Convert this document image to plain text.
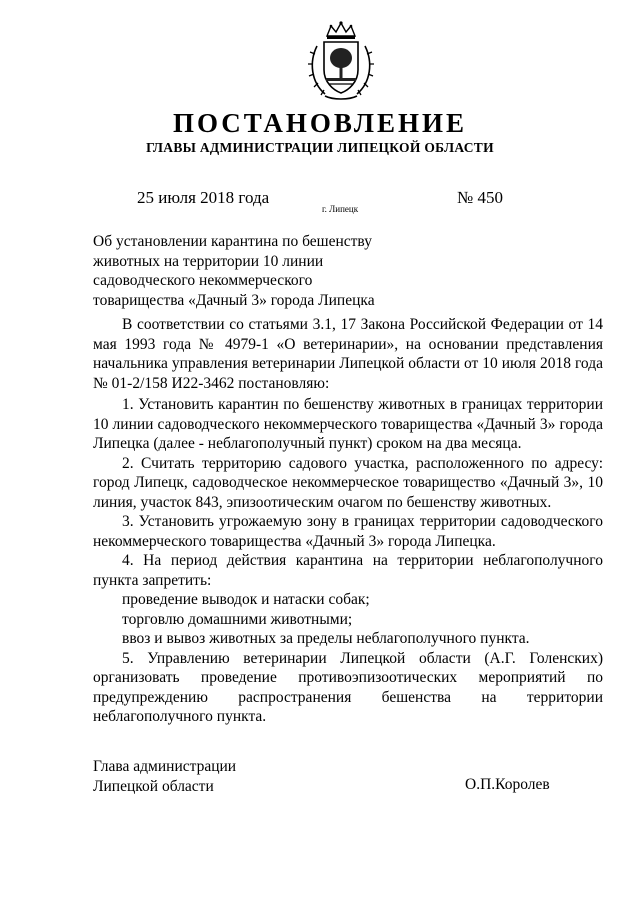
ПОСТАНОВЛЕНИЕ
ГЛАВЫ АДМИНИСТРАЦИИ ЛИПЕЦКОЙ ОБЛАСТИ
25 июля 2018 года
г. Липецк
№ 450
Об установлении карантина по бешенству
животных на территории 10 линии
садоводческого некоммерческого
товарищества «Дачный 3» города Липецка

В соответствии со статьями 3.1, 17 Закона Российской Федерации от 14 мая 1993 года № 4979-1 «О ветеринарии», на основании представления начальника управления ветеринарии Липецкой области от 10 июля 2018 года № 01-2/158 И22-3462 постановляю:

1. Установить карантин по бешенству животных в границах территории 10 линии садоводческого некоммерческого товарищества «Дачный 3» города Липецка (далее - неблагополучный пункт) сроком на два месяца.

2. Считать территорию садового участка, расположенного по адресу: город Липецк, садоводческое некоммерческое товарищество «Дачный 3», 10 линия, участок 843, эпизоотическим очагом по бешенству животных.

3. Установить угрожаемую зону в границах территории садоводческого некоммерческого товарищества «Дачный 3» города Липецка.

4. На период действия карантина на территории неблагополучного пункта запретить:

проведение выводок и натаски собак;

торговлю домашними животными;

ввоз и вывоз животных за пределы неблагополучного пункта.

5. Управлению ветеринарии Липецкой области (А.Г. Голенских) организовать проведение противоэпизоотических мероприятий по предупреждению распространения бешенства на территории неблагополучного пункта.

Глава администрации
Липецкой области	О.П.Королев
